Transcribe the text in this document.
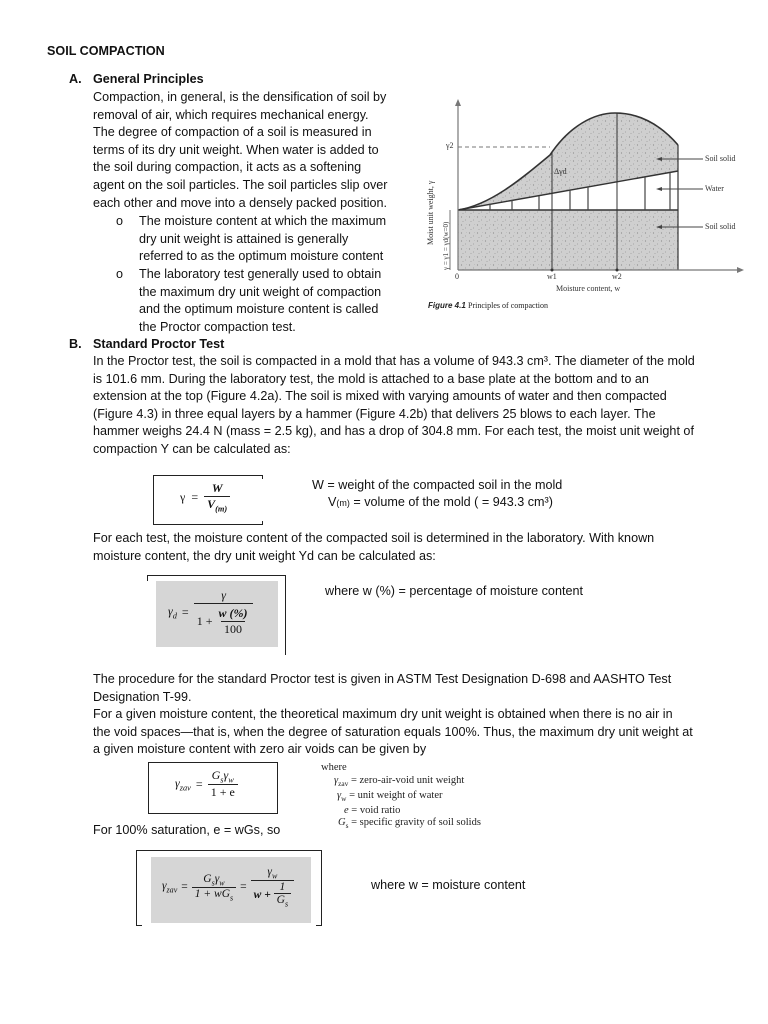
SOIL COMPACTION
A. General Principles
Compaction, in general, is the densification of soil by
removal of air, which requires mechanical energy.
The degree of compaction of a soil is measured in
terms of its dry unit weight. When water is added to
the soil during compaction, it acts as a softening
agent on the soil particles. The soil particles slip over
each other and move into a densely packed position.
o The moisture content at which the maximum
dry unit weight is attained is generally
referred to as the optimum moisture content
o The laboratory test generally used to obtain
the maximum dry unit weight of compaction
and the optimum moisture content is called
the Proctor compaction test.
Moist unit weight, γ
γ = γ1 = γd(w=0)
γ2
Δγd
0	w1	w2
Moisture content, w
Soil solid
Water
Soil solid
Figure 4.1 Principles of compaction
B. Standard Proctor Test
In the Proctor test, the soil is compacted in a mold that has a volume of 943.3 cm³. The diameter of the mold
is 101.6 mm. During the laboratory test, the mold is attached to a base plate at the bottom and to an
extension at the top (Figure 4.2a). The soil is mixed with varying amounts of water and then compacted
(Figure 4.3) in three equal layers by a hammer (Figure 4.2b) that delivers 25 blows to each layer. The
hammer weighs 24.4 N (mass = 2.5 kg), and has a drop of 304.8 mm. For each test, the moist unit weight of
compaction Y can be calculated as:
$\gamma = \frac{W}{V_{(m)}}$	W = weight of the compacted soil in the mold
V(m) = volume of the mold ( = 943.3 cm³)
For each test, the moisture content of the compacted soil is determined in the laboratory. With known
moisture content, the dry unit weight Yd can be calculated as:
$\gamma_d = \frac{\gamma}{1 + \frac{w (\%)}{100}}$	where w (%) = percentage of moisture content
The procedure for the standard Proctor test is given in ASTM Test Designation D-698 and AASHTO Test
Designation T-99.
For a given moisture content, the theoretical maximum dry unit weight is obtained when there is no air in
the void spaces—that is, when the degree of saturation equals 100%. Thus, the maximum dry unit weight at
a given moisture content with zero air voids can be given by
$\gamma_{zav} = \frac{G_s\gamma_w}{1 + e}$
where
$\gamma_{zav}$ = zero-air-void unit weight
$\gamma_w$ = unit weight of water
e = void ratio
$G_s$ = specific gravity of soil solids
For 100% saturation, e = wGs, so
$\gamma_{zav} = \frac{G_s\gamma_w}{1 + wG_s} = \frac{\gamma_w}{w + \frac{1}{G_s}}$	where w = moisture content
